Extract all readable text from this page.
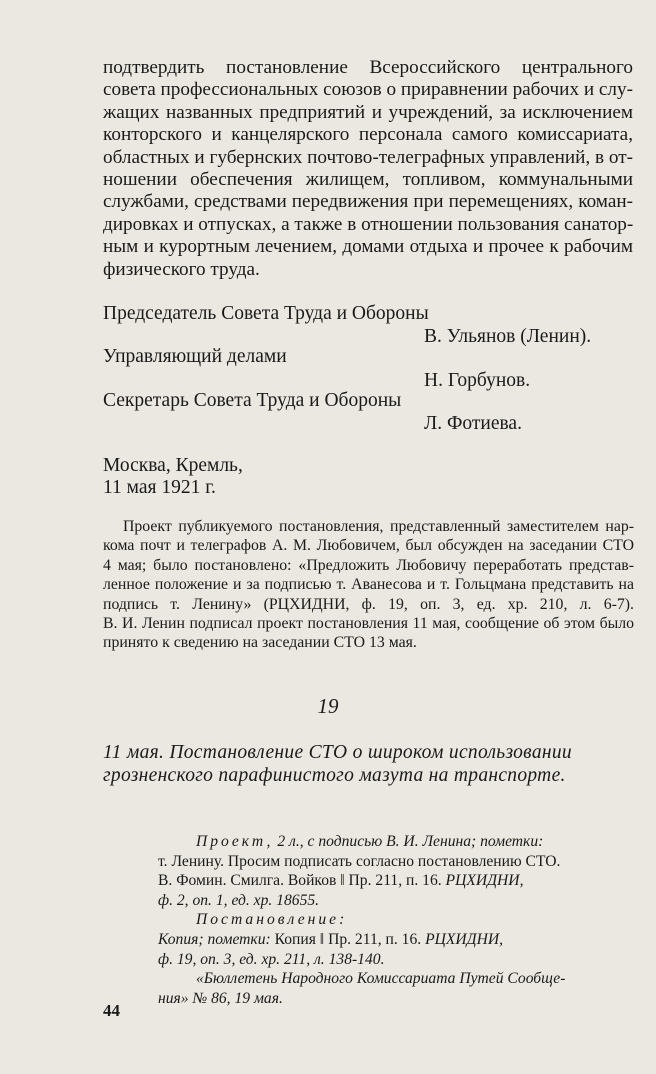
подтвердить постановление Всероссийского центрального
совета профессиональных союзов о приравнении рабочих и слу-
жащих названных предприятий и учреждений, за исключением
конторского и канцелярского персонала самого комиссариата,
областных и губернских почтово-телеграфных управлений, в от-
ношении обеспечения жилищем, топливом, коммунальными
службами, средствами передвижения при перемещениях, коман-
дировках и отпусках, а также в отношении пользования санатор-
ным и курортным лечением, домами отдыха и прочее к рабочим
физического труда.
Председатель Совета Труда и Обороны
В. Ульянов (Ленин).
Управляющий делами
Н. Горбунов.
Секретарь Совета Труда и Обороны
Л. Фотиева.
Москва, Кремль,
11 мая 1921 г.
Проект публикуемого постановления, представленный заместителем нар-
кома почт и телеграфов А. М. Любовичем, был обсужден на заседании СТО
4 мая; было постановлено: «Предложить Любовичу переработать представ-
ленное положение и за подписью т. Аванесова и т. Гольцмана представить на
подпись т. Ленину» (РЦХИДНИ, ф. 19, оп. 3, ед. хр. 210, л. 6-7).
В. И. Ленин подписал проект постановления 11 мая, сообщение об этом было
принято к сведению на заседании СТО 13 мая.
19
11 мая. Постановление СТО о широком использовании
грозненского парафинистого мазута на транспорте.
Проект, 2 л., с подписью В. И. Ленина; пометки:
т. Ленину. Просим подписать согласно постановлению СТО.
В. Фомин. Смилга. Войков ‖ Пр. 211, п. 16. РЦХИДНИ,
ф. 2, оп. 1, ед. хр. 18655.
Постановление:
Копия; пометки: Копия ‖ Пр. 211, п. 16. РЦХИДНИ,
ф. 19, оп. 3, ед. хр. 211, л. 138-140.
«Бюллетень Народного Комиссариата Путей Сообще-
ния» № 86, 19 мая.
44
